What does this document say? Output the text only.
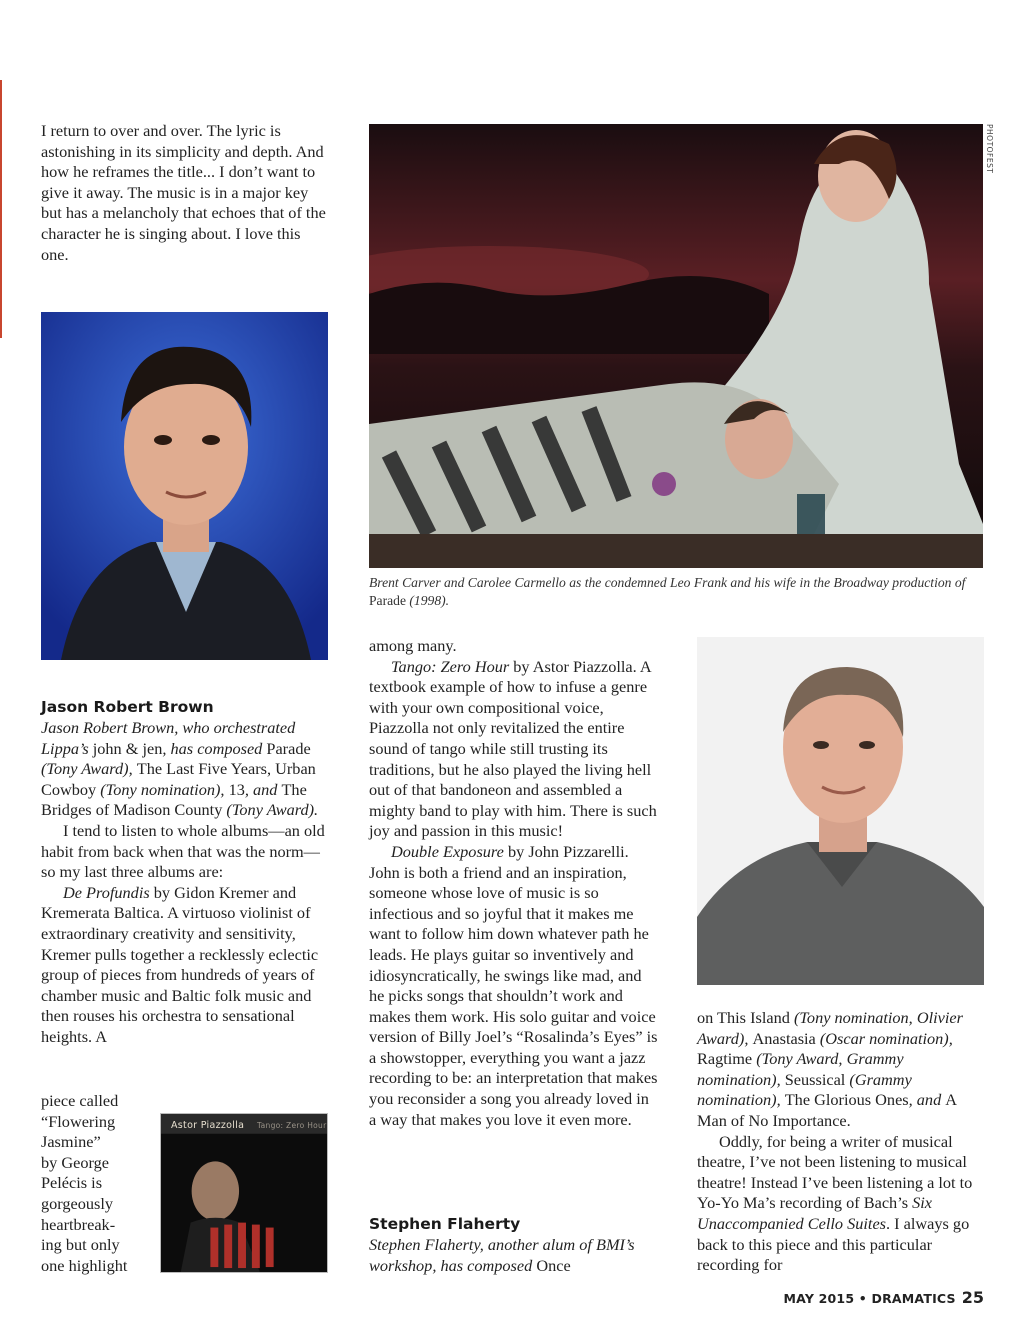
I return to over and over. The lyric is astonishing in its simplicity and depth. And how he reframes the title... I don’t want to give it away. The music is in a major key but has a melancholy that echoes that of the character he is singing about. I love this one.

PHOTOFEST
Brent Carver and Carolee Carmello as the condemned Leo Frank and his wife in the Broadway production of Parade (1998).
Jason Robert Brown

Jason Robert Brown, who orchestrated Lippa’s john & jen, has composed Parade (Tony Award), The Last Five Years, Urban Cowboy (Tony nomination), 13, and The Bridges of Madison County (Tony Award).

I tend to listen to whole albums—an old habit from back when that was the norm—so my last three albums are:

De Profundis by Gidon Kremer and Kremerata Baltica. A virtuoso violinist of extraordinary creativity and sensitivity, Kremer pulls together a recklessly eclectic group of pieces from hundreds of years of chamber music and Baltic folk music and then rouses his orchestra to sensational heights. A

piece called
“Flowering
Jasmine”
by George
Pelécis is
gorgeously
heartbreak-
ing but only
one highlight
Astor Piazzolla Tango: Zero Hour

among many.

Tango: Zero Hour by Astor Piazzolla. A textbook example of how to infuse a genre with your own compositional voice, Piazzolla not only revitalized the entire sound of tango while still trusting its traditions, but he also played the living hell out of that bandoneon and assembled a mighty band to play with him. There is such joy and passion in this music!

Double Exposure by John Pizzarelli. John is both a friend and an inspiration, someone whose love of music is so infectious and so joyful that it makes me want to follow him down whatever path he leads. He plays guitar so inventively and idiosyncratically, he swings like mad, and he picks songs that shouldn’t work and makes them work. His solo guitar and voice version of Billy Joel’s “Rosalinda’s Eyes” is a showstopper, everything you want a jazz recording to be: an interpretation that makes you reconsider a song you already loved in a way that makes you love it even more.

Stephen Flaherty

Stephen Flaherty, another alum of BMI’s workshop, has composed Once

on This Island (Tony nomination, Olivier Award), Anastasia (Oscar nomination), Ragtime (Tony Award, Grammy nomination), Seussical (Grammy nomination), The Glorious Ones, and A Man of No Importance.

Oddly, for being a writer of musical theatre, I’ve not been listening to musical theatre! Instead I’ve been listening a lot to Yo-Yo Ma’s recording of Bach’s Six Unaccompanied Cello Suites. I always go back to this piece and this particular recording for

MAY 2015 • DRAMATICS 25
